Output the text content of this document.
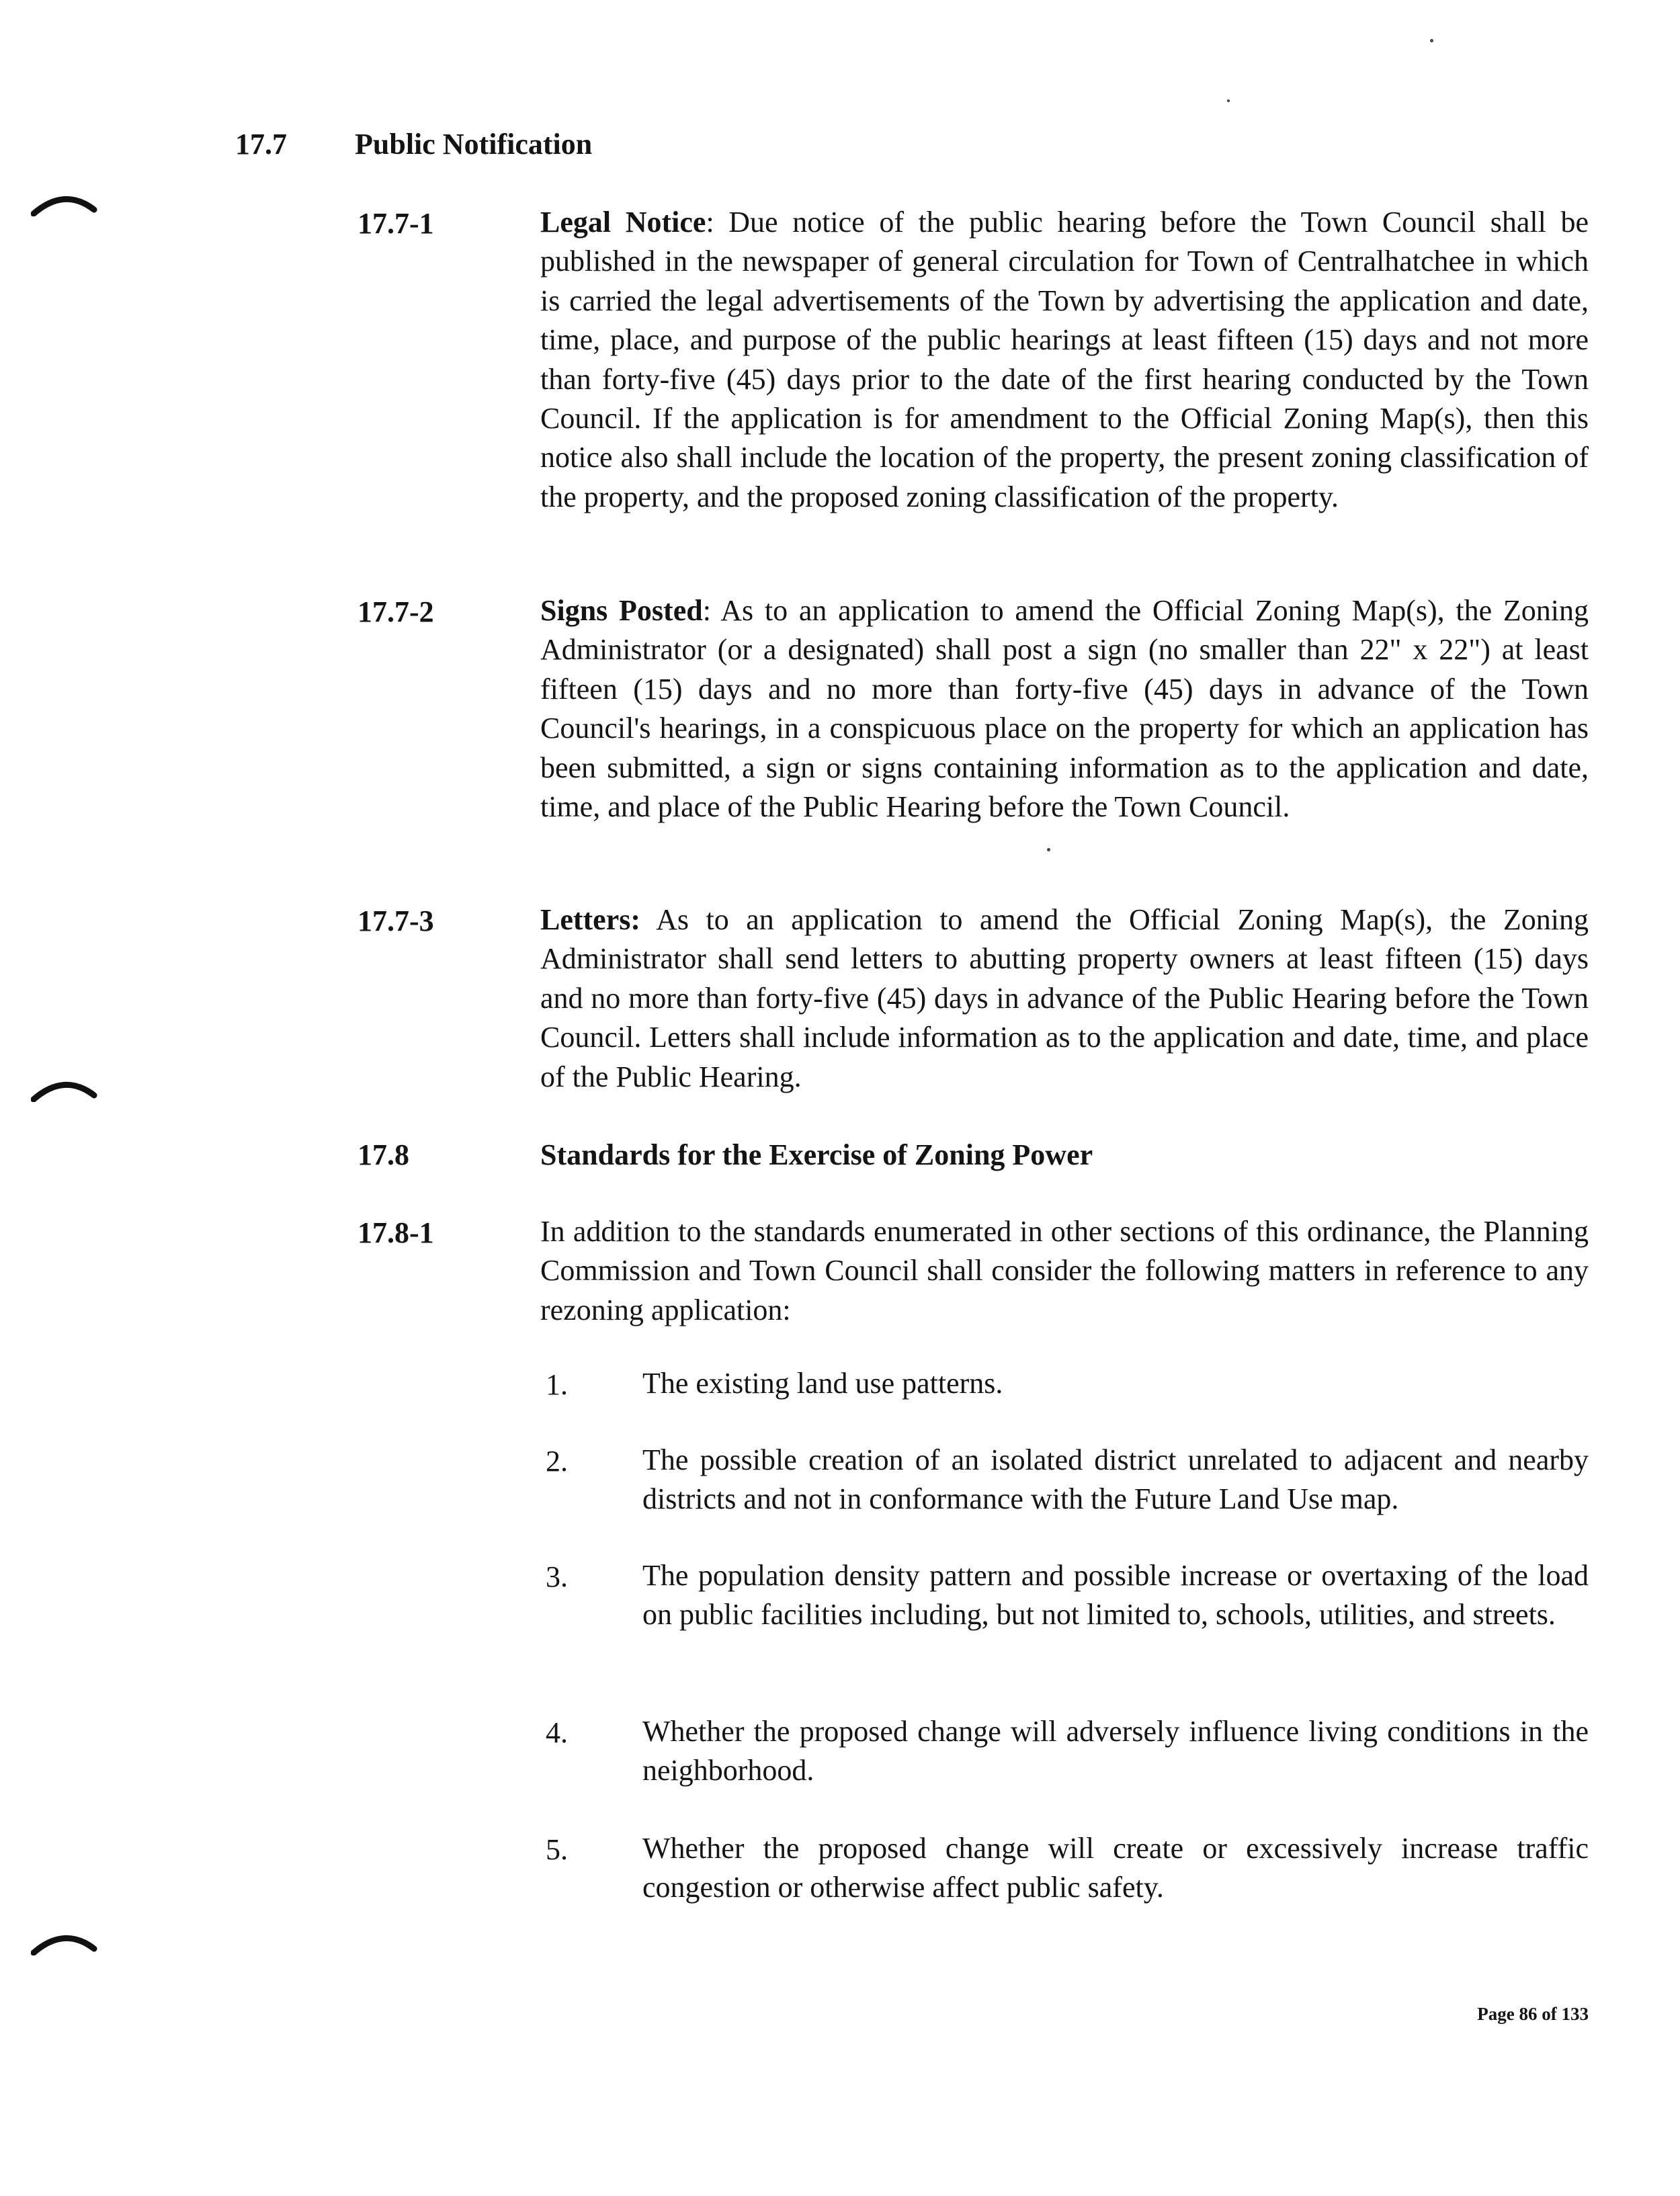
17.7 Public Notification
17.7-1	Legal Notice: Due notice of the public hearing before the Town Council shall be published in the newspaper of general circulation for Town of Centralhatchee in which is carried the legal advertisements of the Town by advertising the application and date, time, place, and purpose of the public hearings at least fifteen (15) days and not more than forty-five (45) days prior to the date of the first hearing conducted by the Town Council. If the application is for amendment to the Official Zoning Map(s), then this notice also shall include the location of the property, the present zoning classification of the property, and the proposed zoning classification of the property.
17.7-2	Signs Posted: As to an application to amend the Official Zoning Map(s), the Zoning Administrator (or a designated) shall post a sign (no smaller than 22" x 22") at least fifteen (15) days and no more than forty-five (45) days in advance of the Town Council's hearings, in a conspicuous place on the property for which an application has been submitted, a sign or signs containing information as to the application and date, time, and place of the Public Hearing before the Town Council.
17.7-3	Letters: As to an application to amend the Official Zoning Map(s), the Zoning Administrator shall send letters to abutting property owners at least fifteen (15) days and no more than forty-five (45) days in advance of the Public Hearing before the Town Council. Letters shall include information as to the application and date, time, and place of the Public Hearing.
17.8	Standards for the Exercise of Zoning Power
17.8-1	In addition to the standards enumerated in other sections of this ordinance, the Planning Commission and Town Council shall consider the following matters in reference to any rezoning application:
1.	The existing land use patterns.
2.	The possible creation of an isolated district unrelated to adjacent and nearby districts and not in conformance with the Future Land Use map.
3.	The population density pattern and possible increase or overtaxing of the load on public facilities including, but not limited to, schools, utilities, and streets.
4.	Whether the proposed change will adversely influence living conditions in the neighborhood.
5.	Whether the proposed change will create or excessively increase traffic congestion or otherwise affect public safety.
Page 86 of 133
